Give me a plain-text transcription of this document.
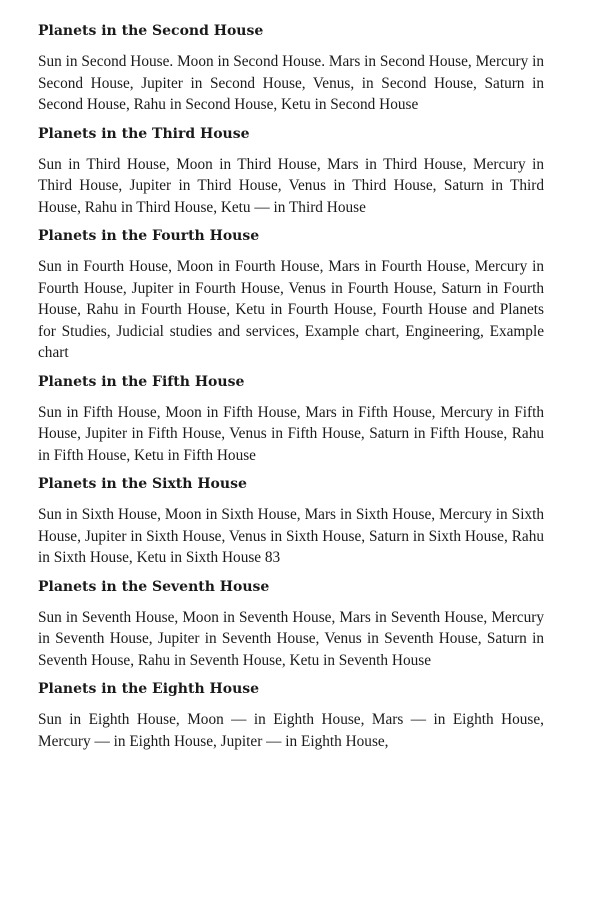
Planets in the Second House
Sun in Second House. Moon in Second House. Mars in Second House, Mercury in Second House, Jupiter in Second House, Venus, in Second House, Saturn in Second House, Rahu in Second House, Ketu in Second House
Planets in the Third House
Sun in Third House, Moon in Third House, Mars in Third House, Mercury in Third House, Jupiter in Third House, Venus in Third House, Saturn in Third House, Rahu in Third House, Ketu — in Third House
Planets in the Fourth House
Sun in Fourth House, Moon in Fourth House, Mars in Fourth House, Mercury in Fourth House, Jupiter in Fourth House, Venus in Fourth House, Saturn in Fourth House, Rahu in Fourth House, Ketu in Fourth House, Fourth House and Planets for Studies, Judicial studies and services, Example chart, Engineering, Example chart
Planets in the Fifth House
Sun in Fifth House, Moon in Fifth House, Mars in Fifth House, Mercury in Fifth House, Jupiter in Fifth House, Venus in Fifth House, Saturn in Fifth House, Rahu in Fifth House, Ketu in Fifth House
Planets in the Sixth House
Sun in Sixth House, Moon in Sixth House, Mars in Sixth House, Mercury in Sixth House, Jupiter in Sixth House, Venus in Sixth House, Saturn in Sixth House, Rahu in Sixth House, Ketu in Sixth House 83
Planets in the Seventh House
Sun in Seventh House, Moon in Seventh House, Mars in Seventh House, Mercury in Seventh House, Jupiter in Seventh House, Venus in Seventh House, Saturn in Seventh House, Rahu in Seventh House, Ketu in Seventh House
Planets in the Eighth House
Sun in Eighth House, Moon — in Eighth House, Mars — in Eighth House, Mercury — in Eighth House, Jupiter — in Eighth House,
